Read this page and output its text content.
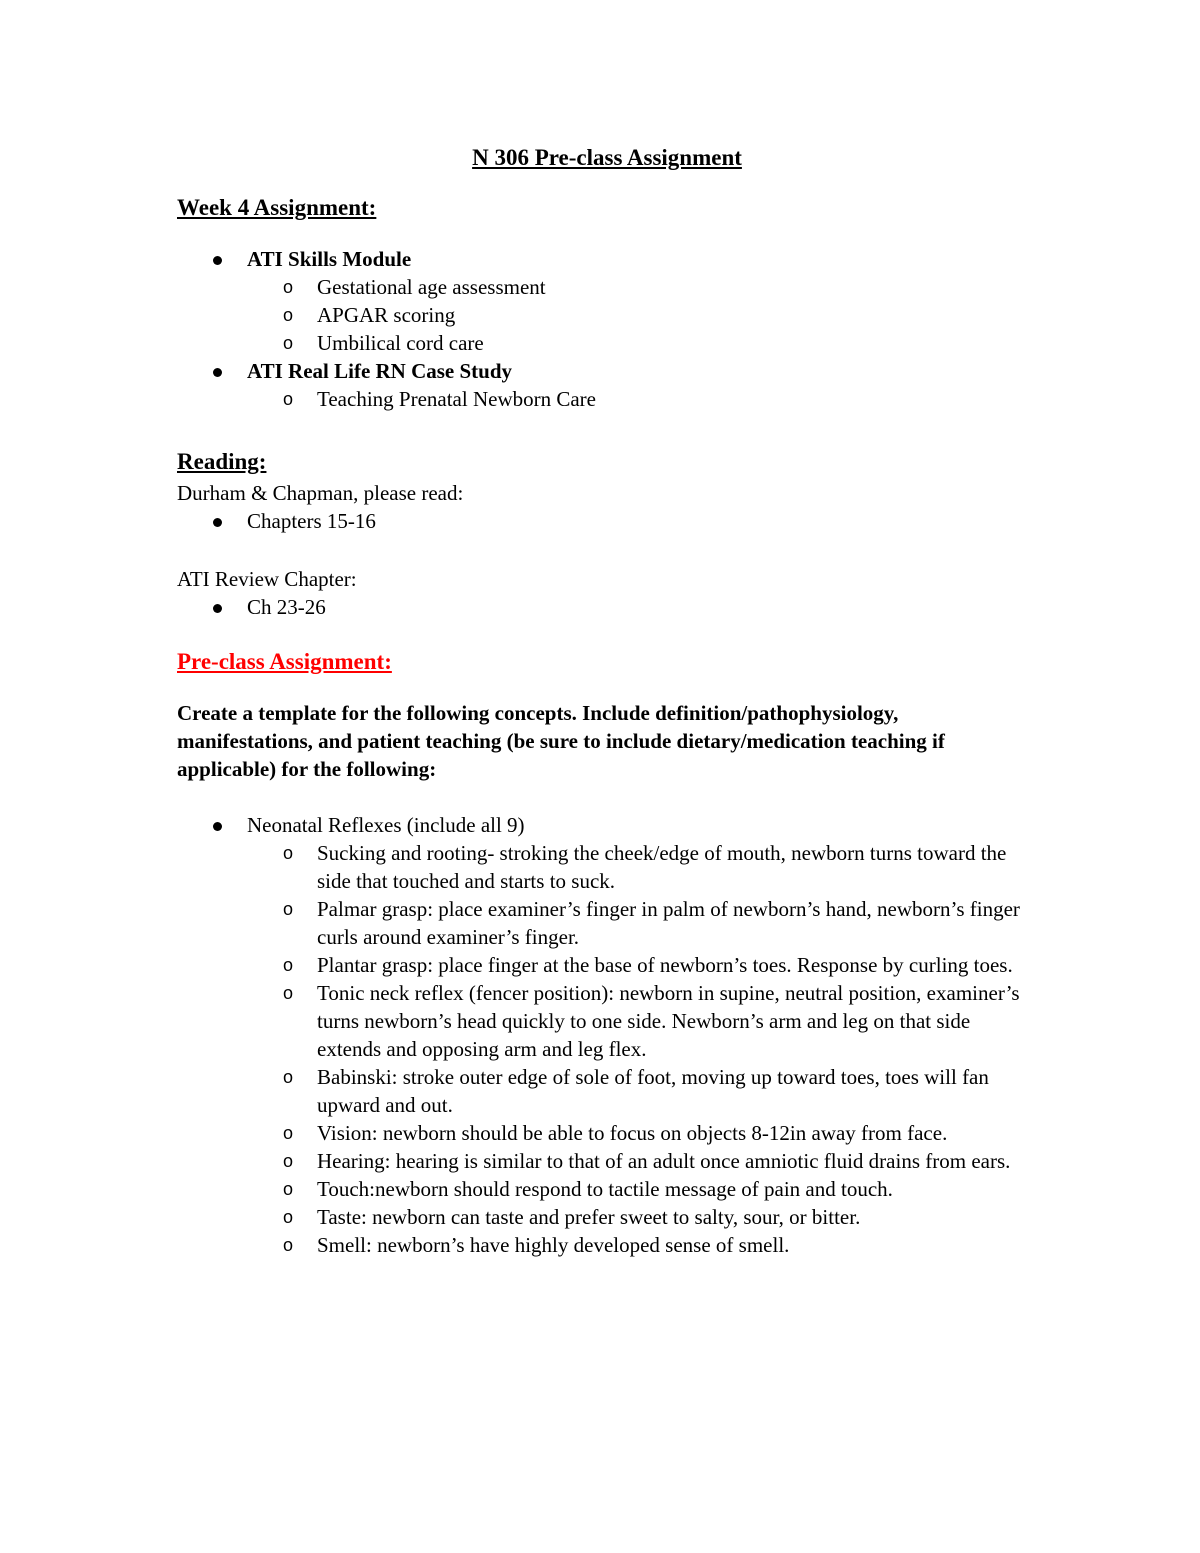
N 306 Pre-class Assignment

Week 4 Assignment:

ATI Skills Module
o Gestational age assessment
o APGAR scoring
o Umbilical cord care
ATI Real Life RN Case Study
o Teaching Prenatal Newborn Care

Reading:

Durham & Chapman, please read:

Chapters 15-16

ATI Review Chapter:

Ch 23-26

Pre-class Assignment:

Create a template for the following concepts. Include definition/pathophysiology, manifestations, and patient teaching (be sure to include dietary/medication teaching if applicable) for the following:

Neonatal Reflexes (include all 9)
o Sucking and rooting- stroking the cheek/edge of mouth, newborn turns toward the side that touched and starts to suck.
o Palmar grasp: place examiner’s finger in palm of newborn’s hand, newborn’s finger curls around examiner’s finger.
o Plantar grasp: place finger at the base of newborn’s toes. Response by curling toes.
o Tonic neck reflex (fencer position): newborn in supine, neutral position, examiner’s turns newborn’s head quickly to one side. Newborn’s arm and leg on that side extends and opposing arm and leg flex.
o Babinski: stroke outer edge of sole of foot, moving up toward toes, toes will fan upward and out.
o Vision: newborn should be able to focus on objects 8-12in away from face.
o Hearing: hearing is similar to that of an adult once amniotic fluid drains from ears.
o Touch:newborn should respond to tactile message of pain and touch.
o Taste: newborn can taste and prefer sweet to salty, sour, or bitter.
o Smell: newborn’s have highly developed sense of smell.
